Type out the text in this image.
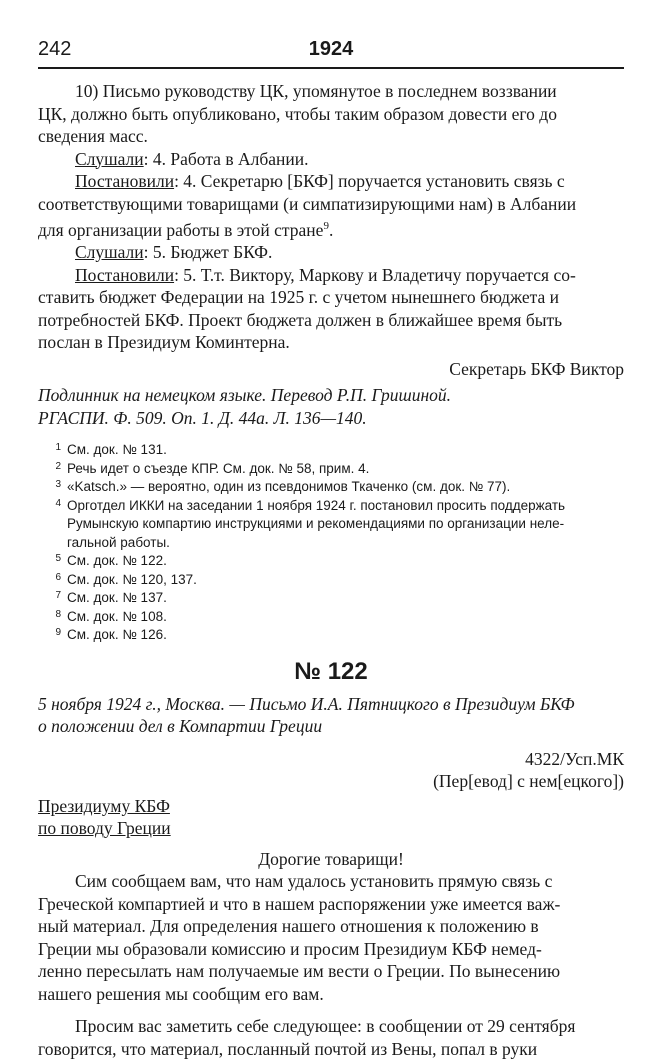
242	1924

10) Письмо руководству ЦК, упомянутое в последнем воззвании
ЦК, должно быть опубликовано, чтобы таким образом довести его до
сведения масс.

Слушали: 4. Работа в Албании.

Постановили: 4. Секретарю [БКФ] поручается установить связь с
соответствующими товарищами (и симпатизирующими нам) в Албании
для организации работы в этой стране$^9$.

Слушали: 5. Бюджет БКФ.

Постановили: 5. Т.т. Виктору, Маркову и Владетичу поручается со-
ставить бюджет Федерации на 1925 г. с учетом нынешнего бюджета и
потребностей БКФ. Проект бюджета должен в ближайшее время быть
послан в Президиум Коминтерна.

Секретарь БКФ Виктор

Подлинник на немецком языке. Перевод Р.П. Гришиной.
РГАСПИ. Ф. 509. Оп. 1. Д. 44а. Л. 136—140.

1 См. док. № 131.
2 Речь идет о съезде КПР. См. док. № 58, прим. 4.
3 «Katsch.» — вероятно, один из псевдонимов Ткаченко (см. док. № 77).
4 Орготдел ИККИ на заседании 1 ноября 1924 г. постановил просить поддержать
Румынскую компартию инструкциями и рекомендациями по организации неле-
гальной работы.
5 См. док. № 122.
6 См. док. № 120, 137.
7 См. док. № 137.
8 См. док. № 108.
9 См. док. № 126.
№ 122

5 ноября 1924 г., Москва. — Письмо И.А. Пятницкого в Президиум БКФ
о положении дел в Компартии Греции

4322/Усп.МК
(Пер[евод] с нем[ецкого])

Президиуму КБФ
по поводу Греции

Дорогие товарищи!

Сим сообщаем вам, что нам удалось установить прямую связь с
Греческой компартией и что в нашем распоряжении уже имеется важ-
ный материал. Для определения нашего отношения к положению в
Греции мы образовали комиссию и просим Президиум КБФ немед-
ленно пересылать нам получаемые им вести о Греции. По вынесению
нашего решения мы сообщим его вам.

Просим вас заметить себе следующее: в сообщении от 29 сентября
говорится, что материал, посланный почтой из Вены, попал в руки
